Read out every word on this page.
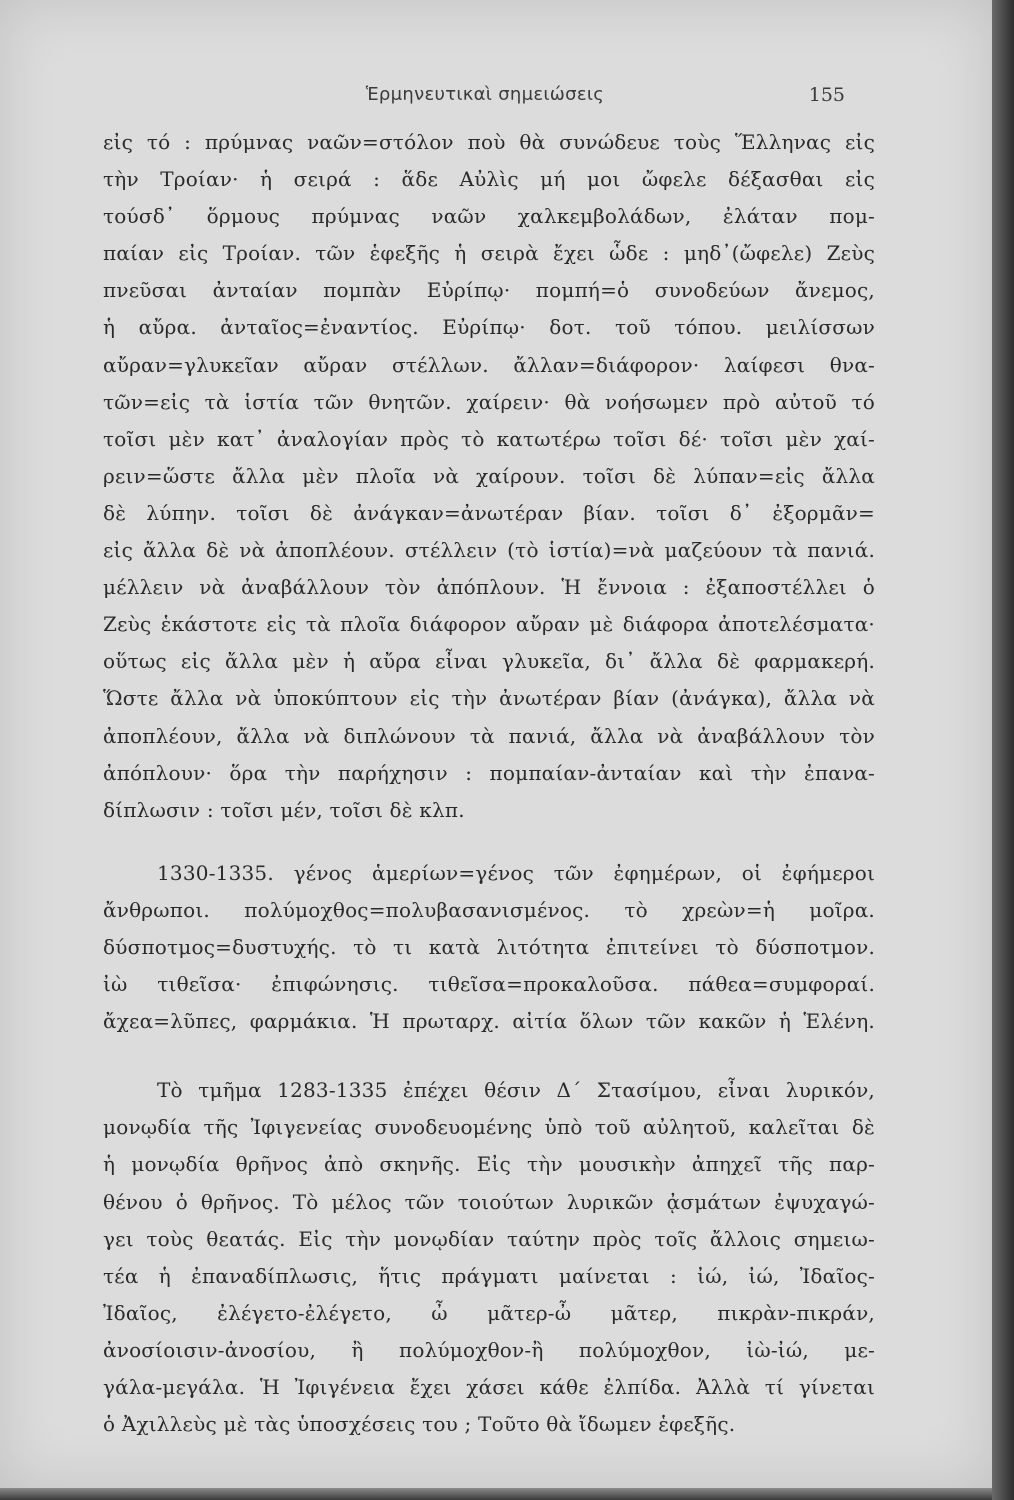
Ἑρμηνευτικαὶ σημειώσεις	155
εἰς τό : πρύμνας ναῶν=στόλον ποὺ θὰ συνώδευε τοὺς Ἕλληνας εἰς
τὴν Τροίαν· ἡ σειρά : ἅδε Αὐλὶς μή μοι ὤφελε δέξασθαι εἰς
τούσδ᾽ ὅρμους πρύμνας ναῶν χαλκεμβολάδων, ἐλάταν πομ-
παίαν εἰς Τροίαν. τῶν ἑφεξῆς ἡ σειρὰ ἔχει ὧδε : μηδ᾽(ὤφελε) Ζεὺς
πνεῦσαι ἀνταίαν πομπὰν Εὐρίπῳ· πομπή=ὁ συνοδεύων ἄνεμος,
ἡ αὔρα. ἀνταῖος=ἐναντίος. Εὐρίπῳ· δοτ. τοῦ τόπου. μειλίσσων
αὔραν=γλυκεῖαν αὔραν στέλλων. ἄλλαν=διάφορον· λαίφεσι θνα-
τῶν=εἰς τὰ ἱστία τῶν θνητῶν. χαίρειν· θὰ νοήσωμεν πρὸ αὐτοῦ τό
τοῖσι μὲν κατ᾽ ἀναλογίαν πρὸς τὸ κατωτέρω τοῖσι δέ· τοῖσι μὲν χαί-
ρειν=ὥστε ἄλλα μὲν πλοῖα νὰ χαίρουν. τοῖσι δὲ λύπαν=εἰς ἄλλα
δὲ λύπην. τοῖσι δὲ ἀνάγκαν=ἀνωτέραν βίαν. τοῖσι δ᾽ ἐξορμᾶν=
εἰς ἄλλα δὲ νὰ ἀποπλέουν. στέλλειν (τὸ ἱστία)=νὰ μαζεύουν τὰ πανιά.
μέλλειν νὰ ἀναβάλλουν τὸν ἀπόπλουν. Ἡ ἔννοια : ἐξαποστέλλει ὁ
Ζεὺς ἑκάστοτε εἰς τὰ πλοῖα διάφορον αὔραν μὲ διάφορα ἀποτελέσματα·
οὕτως εἰς ἄλλα μὲν ἡ αὔρα εἶναι γλυκεῖα, δι᾽ ἄλλα δὲ φαρμακερή.
Ὥστε ἄλλα νὰ ὑποκύπτουν εἰς τὴν ἀνωτέραν βίαν (ἀνάγκα), ἄλλα νὰ
ἀποπλέουν, ἄλλα νὰ διπλώνουν τὰ πανιά, ἄλλα νὰ ἀναβάλλουν τὸν
ἀπόπλουν· ὅρα τὴν παρήχησιν : πομπαίαν-ἀνταίαν καὶ τὴν ἐπανα-
δίπλωσιν : τοῖσι μέν, τοῖσι δὲ κλπ.
1330-1335. γένος ἁμερίων=γένος τῶν ἐφημέρων, οἱ ἐφήμεροι
ἄνθρωποι. πολύμοχθος=πολυβασανισμένος. τὸ χρεὼν=ἡ μοῖρα.
δύσποτμος=δυστυχής. τὸ τι κατὰ λιτότητα ἐπιτείνει τὸ δύσποτμον.
ἰὼ τιθεῖσα· ἐπιφώνησις. τιθεῖσα=προκαλοῦσα. πάθεα=συμφοραί.
ἄχεα=λῦπες, φαρμάκια. Ἡ πρωταρχ. αἰτία ὅλων τῶν κακῶν ἡ Ἑλένη.
Τὸ τμῆμα 1283-1335 ἐπέχει θέσιν Δ΄ Στασίμου, εἶναι λυρικόν,
μονῳδία τῆς Ἰφιγενείας συνοδευομένης ὑπὸ τοῦ αὐλητοῦ, καλεῖται δὲ
ἡ μονῳδία θρῆνος ἀπὸ σκηνῆς. Εἰς τὴν μουσικὴν ἀπηχεῖ τῆς παρ-
θένου ὁ θρῆνος. Τὸ μέλος τῶν τοιούτων λυρικῶν ᾀσμάτων ἐψυχαγώ-
γει τοὺς θεατάς. Εἰς τὴν μονῳδίαν ταύτην πρὸς τοῖς ἄλλοις σημειω-
τέα ἡ ἐπαναδίπλωσις, ἥτις πράγματι μαίνεται : ἰώ, ἰώ, Ἰδαῖος-
Ἰδαῖος, ἐλέγετο-ἐλέγετο, ὦ μᾶτερ-ὦ μᾶτερ, πικρὰν-πικράν,
ἀνοσίοισιν-ἀνοσίου, ἢ πολύμοχθον-ἢ πολύμοχθον, ἰὼ-ἰώ, με-
γάλα-μεγάλα. Ἡ Ἰφιγένεια ἔχει χάσει κάθε ἐλπίδα. Ἀλλὰ τί γίνεται
ὁ Ἀχιλλεὺς μὲ τὰς ὑποσχέσεις του ; Τοῦτο θὰ ἴδωμεν ἑφεξῆς.
